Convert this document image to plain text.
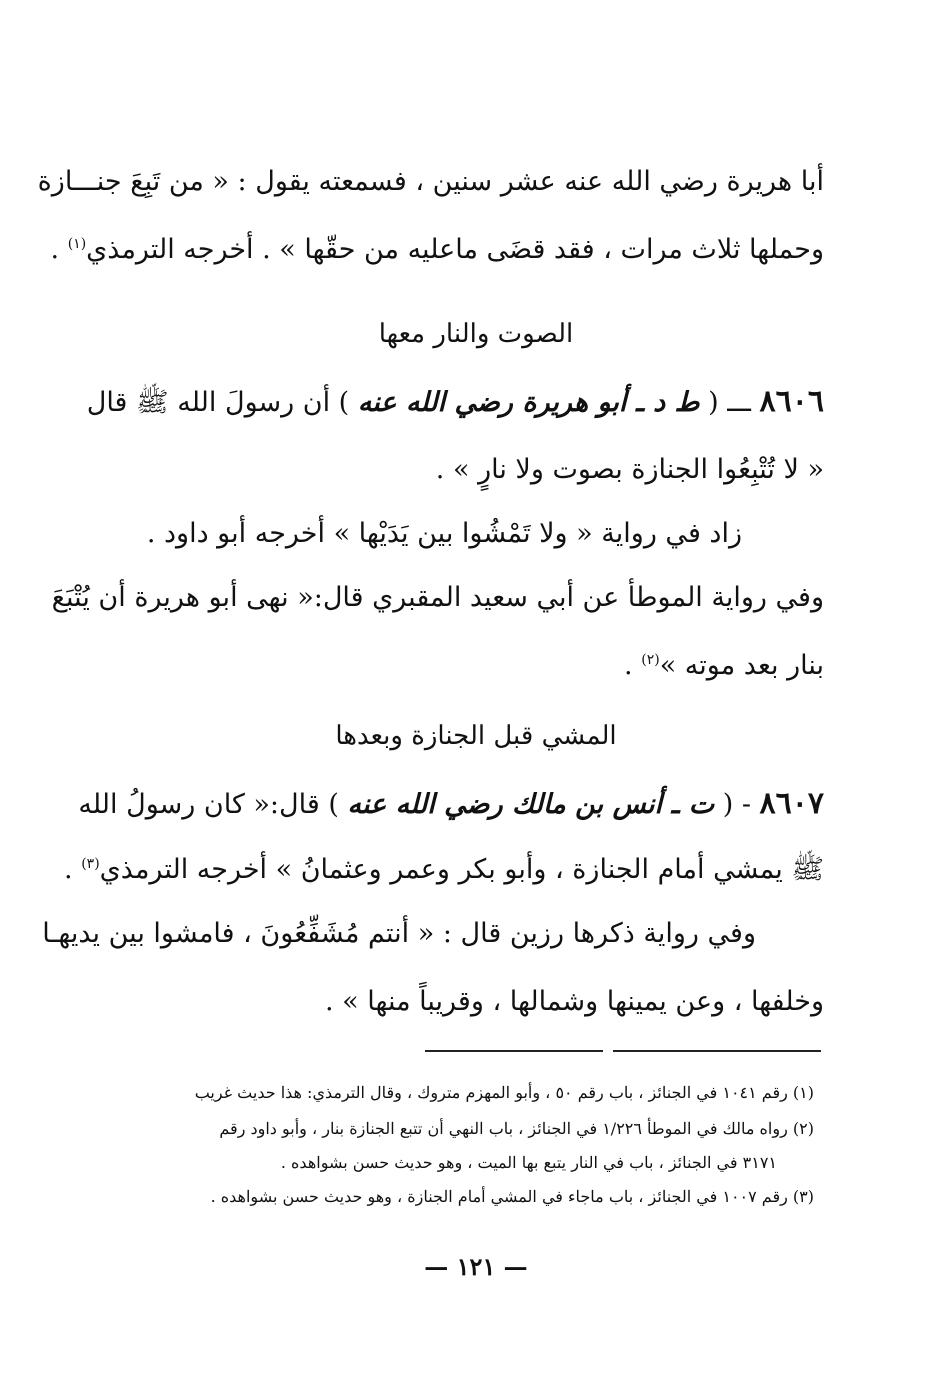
أبا هريرة رضي الله عنه عشر سنين ، فسمعته يقول : « من تَبِعَ جنـــازة
وحملها ثلاث مرات ، فقد قضَى ماعليه من حقّها » . أخرجه الترمذي$^{(١)}$ .
الصوت والنار معها
٨٦٠٦ ـــ ( ط د ـ أبو هريرة رضي الله عنه ) أن رسولَ الله ﷺ قال
« لا تُتْبِعُوا الجنازة بصوت ولا نارٍ » .
زاد في رواية « ولا تَمْشُوا بين يَدَيْها » أخرجه أبو داود .
وفي رواية الموطأ عن أبي سعيد المقبري قال:« نهى أبو هريرة أن يُتْبَعَ
بنار بعد موته »$^{(٢)}$ .
المشي قبل الجنازة وبعدها
٨٦٠٧ - ( ت ـ أنس بن مالك رضي الله عنه ) قال:« كان رسولُ الله
ﷺ يمشي أمام الجنازة ، وأبو بكر وعمر وعثمانُ » أخرجه الترمذي$^{(٣)}$ .
وفي رواية ذكرها رزين قال : « أنتم مُشَفِّعُونَ ، فامشوا بين يديهـا
وخلفها ، وعن يمينها وشمالها ، وقريباً منها » .
(١) رقم ١٠٤١ في الجنائز ، باب رقم ٥٠ ، وأبو المهزم متروك ، وقال الترمذي: هذا حديث غريب
(٢) رواه مالك في الموطأ ١/٢٢٦ في الجنائز ، باب النهي أن تتبع الجنازة بنار ، وأبو داود رقم
٣١٧١ في الجنائز ، باب في النار يتبع بها الميت ، وهو حديث حسن بشواهده .
(٣) رقم ١٠٠٧ في الجنائز ، باب ماجاء في المشي أمام الجنازة ، وهو حديث حسن بشواهده .
— ١٢١ —
